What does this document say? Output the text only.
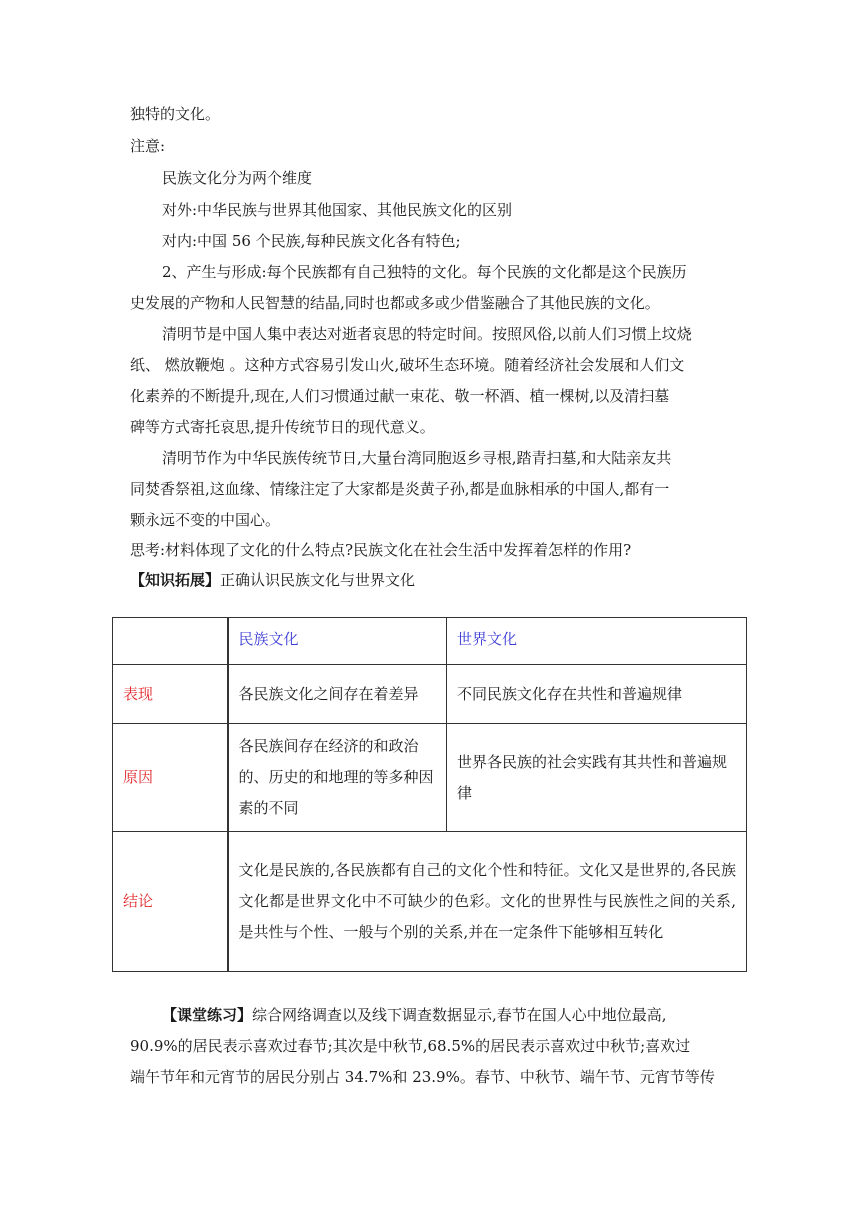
独特的文化。
注意:
民族文化分为两个维度
对外:中华民族与世界其他国家、其他民族文化的区别
对内:中国 56 个民族,每种民族文化各有特色;
2、产生与形成:每个民族都有自己独特的文化。每个民族的文化都是这个民族历
史发展的产物和人民智慧的结晶,同时也都或多或少借鉴融合了其他民族的文化。
清明节是中国人集中表达对逝者哀思的特定时间。按照风俗,以前人们习惯上坟烧
纸、 燃放鞭炮 。这种方式容易引发山火,破坏生态环境。随着经济社会发展和人们文
化素养的不断提升,现在,人们习惯通过献一束花、敬一杯酒、植一棵树,以及清扫墓
碑等方式寄托哀思,提升传统节日的现代意义。
清明节作为中华民族传统节日,大量台湾同胞返乡寻根,踏青扫墓,和大陆亲友共
同焚香祭祖,这血缘、情缘注定了大家都是炎黄子孙,都是血脉相承的中国人,都有一
颗永远不变的中国心。
思考:材料体现了文化的什么特点?民族文化在社会生活中发挥着怎样的作用?
【知识拓展】正确认识民族文化与世界文化
	民族文化	世界文化
表现	各民族文化之间存在着差异	不同民族文化存在共性和普遍规律
原因	各民族间存在经济的和政治的、历史的和地理的等多种因素的不同	世界各民族的社会实践有其共性和普遍规律
结论	文化是民族的,各民族都有自己的文化个性和特征。文化又是世界的,各民族文化都是世界文化中不可缺少的色彩。文化的世界性与民族性之间的关系,是共性与个性、一般与个别的关系,并在一定条件下能够相互转化	
【课堂练习】综合网络调查以及线下调查数据显示,春节在国人心中地位最高,
90.9%的居民表示喜欢过春节;其次是中秋节,68.5%的居民表示喜欢过中秋节;喜欢过
端午节年和元宵节的居民分别占 34.7%和 23.9%。春节、中秋节、端午节、元宵节等传
